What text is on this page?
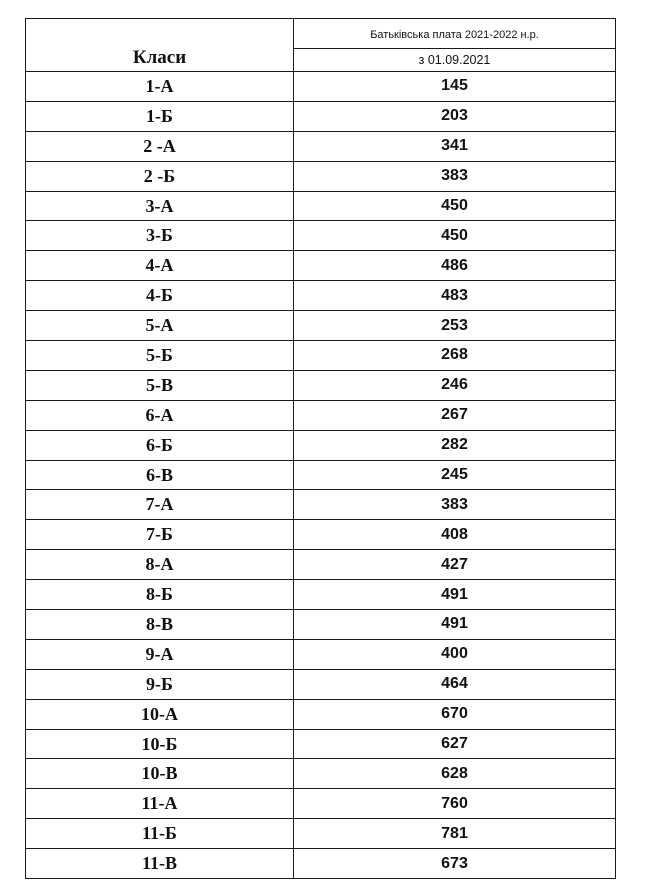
Класи	Батьківська плата 2021-2022 н.р.
	з 01.09.2021
1-А	145
1-Б	203
2 -А	341
2 -Б	383
3-А	450
3-Б	450
4-А	486
4-Б	483
5-А	253
5-Б	268
5-В	246
6-А	267
6-Б	282
6-В	245
7-А	383
7-Б	408
8-А	427
8-Б	491
8-В	491
9-А	400
9-Б	464
10-А	670
10-Б	627
10-В	628
11-А	760
11-Б	781
11-В	673
